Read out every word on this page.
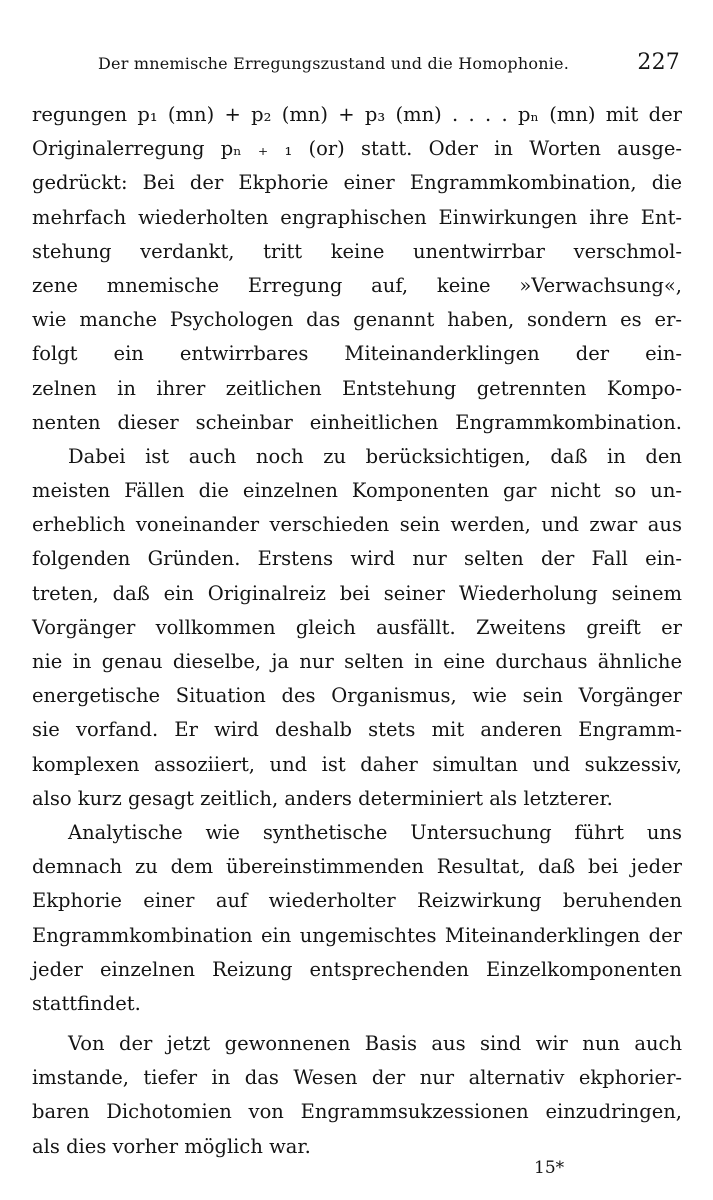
Der mnemische Erregungszustand und die Homophonie.	227
regungen p₁ (mn) + p₂ (mn) + p₃ (mn) . . . . pₙ (mn) mit der
Originalerregung pₙ ₊ ₁ (or) statt. Oder in Worten ausge-
gedrückt: Bei der Ekphorie einer Engrammkombination, die
mehrfach wiederholten engraphischen Einwirkungen ihre Ent-
stehung verdankt, tritt keine unentwirrbar verschmol-
zene mnemische Erregung auf, keine »Verwachsung«,
wie manche Psychologen das genannt haben, sondern es er-
folgt ein entwirrbares Miteinanderklingen der ein-
zelnen in ihrer zeitlichen Entstehung getrennten Kompo-
nenten dieser scheinbar einheitlichen Engrammkombination.
Dabei ist auch noch zu berücksichtigen, daß in den
meisten Fällen die einzelnen Komponenten gar nicht so un-
erheblich voneinander verschieden sein werden, und zwar aus
folgenden Gründen. Erstens wird nur selten der Fall ein-
treten, daß ein Originalreiz bei seiner Wiederholung seinem
Vorgänger vollkommen gleich ausfällt. Zweitens greift er
nie in genau dieselbe, ja nur selten in eine durchaus ähnliche
energetische Situation des Organismus, wie sein Vorgänger
sie vorfand. Er wird deshalb stets mit anderen Engramm-
komplexen assoziiert, und ist daher simultan und sukzessiv,
also kurz gesagt zeitlich, anders determiniert als letzterer.
Analytische wie synthetische Untersuchung führt uns
demnach zu dem übereinstimmenden Resultat, daß bei jeder
Ekphorie einer auf wiederholter Reizwirkung beruhenden
Engrammkombination ein ungemischtes Miteinanderklingen der
jeder einzelnen Reizung entsprechenden Einzelkomponenten
stattfindet.
Von der jetzt gewonnenen Basis aus sind wir nun auch
imstande, tiefer in das Wesen der nur alternativ ekphorier-
baren Dichotomien von Engrammsukzessionen einzudringen,
als dies vorher möglich war.
15*
